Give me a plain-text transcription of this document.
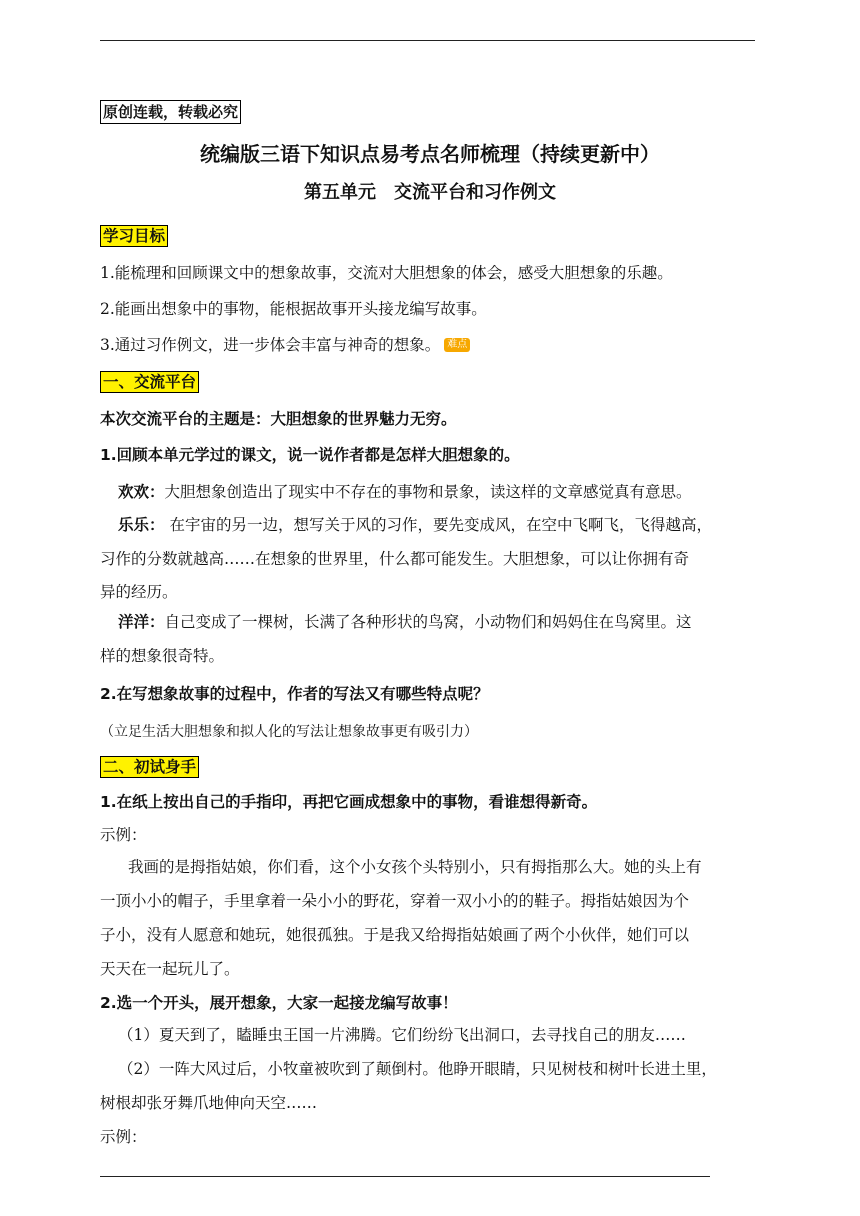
原创连载，转载必究
统编版三语下知识点易考点名师梳理（持续更新中）
第五单元　交流平台和习作例文
学习目标
1.能梳理和回顾课文中的想象故事，交流对大胆想象的体会，感受大胆想象的乐趣。
2.能画出想象中的事物，能根据故事开头接龙编写故事。
3.通过习作例文，进一步体会丰富与神奇的想象。 难点
一、交流平台
本次交流平台的主题是：大胆想象的世界魅力无穷。
1.回顾本单元学过的课文，说一说作者都是怎样大胆想象的。
欢欢：大胆想象创造出了现实中不存在的事物和景象，读这样的文章感觉真有意思。
乐乐： 在宇宙的另一边，想写关于风的习作，要先变成风，在空中飞啊飞，飞得越高，
习作的分数就越高……在想象的世界里，什么都可能发生。大胆想象，可以让你拥有奇
异的经历。
洋洋：自己变成了一棵树，长满了各种形状的鸟窝，小动物们和妈妈住在鸟窝里。这
样的想象很奇特。
2.在写想象故事的过程中，作者的写法又有哪些特点呢？
（立足生活大胆想象和拟人化的写法让想象故事更有吸引力）
二、初试身手
1.在纸上按出自己的手指印，再把它画成想象中的事物，看谁想得新奇。
示例：
我画的是拇指姑娘，你们看，这个小女孩个头特别小，只有拇指那么大。她的头上有
一顶小小的帽子，手里拿着一朵小小的野花，穿着一双小小的的鞋子。拇指姑娘因为个
子小，没有人愿意和她玩，她很孤独。于是我又给拇指姑娘画了两个小伙伴，她们可以
天天在一起玩儿了。
2.选一个开头，展开想象，大家一起接龙编写故事！
（1）夏天到了，瞌睡虫王国一片沸腾。它们纷纷飞出洞口，去寻找自己的朋友……
（2）一阵大风过后，小牧童被吹到了颠倒村。他睁开眼睛，只见树枝和树叶长进土里，
树根却张牙舞爪地伸向天空……
示例：
